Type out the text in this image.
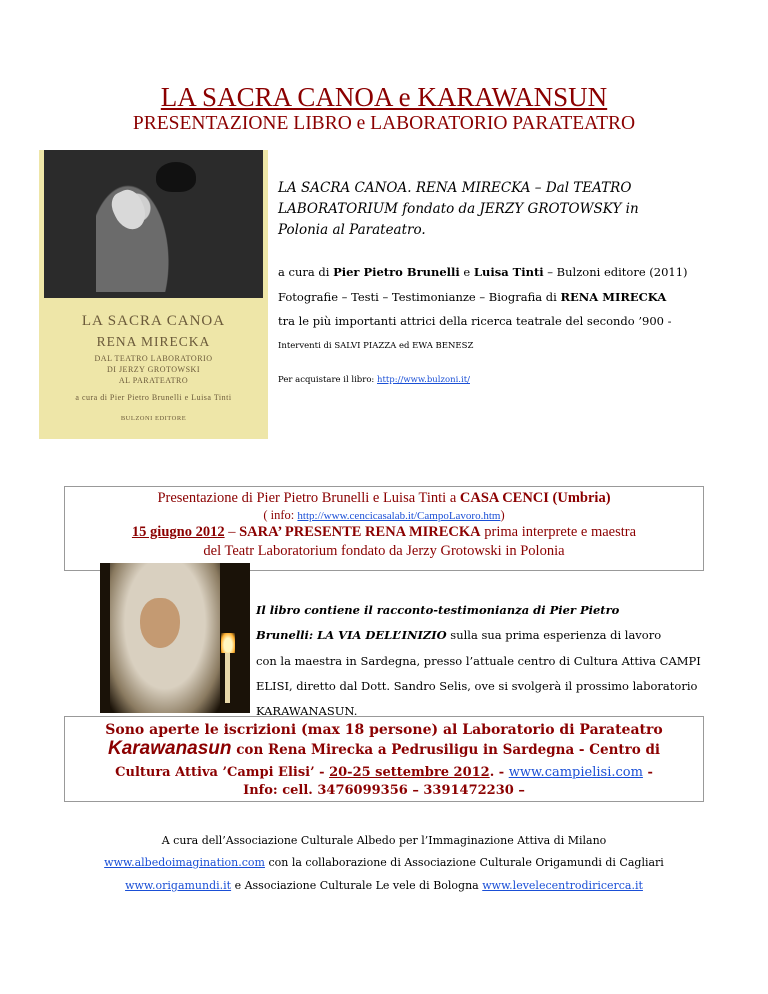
LA SACRA CANOA e KARAWANSUN
PRESENTAZIONE LIBRO e LABORATORIO PARATEATRO
LA SACRA CANOA
RENA MIRECKA
DAL TEATRO LABORATORIO
DI JERZY GROTOWSKI
AL PARATEATRO
a cura di Pier Pietro Brunelli e Luisa Tinti
BULZONI EDITORE
LA SACRA CANOA. RENA MIRECKA – Dal TEATRO
LABORATORIUM fondato da JERZY GROTOWSKY in
Polonia al Parateatro.
a cura di Pier Pietro Brunelli e Luisa Tinti – Bulzoni editore (2011)
Fotografie – Testi – Testimonianze – Biografia di RENA MIRECKA
tra le più importanti attrici della ricerca teatrale del secondo ’900 -
Interventi di SALVI PIAZZA ed EWA BENESZ
Per acquistare il libro: http://www.bulzoni.it/
Presentazione di Pier Pietro Brunelli e Luisa Tinti a CASA CENCI (Umbria)
( info: http://www.cencicasalab.it/CampoLavoro.htm)
15 giugno 2012 – SARA’ PRESENTE RENA MIRECKA prima interprete e maestra
del Teatr Laboratorium fondato da Jerzy Grotowski in Polonia
Il libro contiene il racconto-testimonianza di Pier Pietro
Brunelli: LA VIA DELL’INIZIO sulla sua prima esperienza di lavoro
con la maestra in Sardegna, presso l’attuale centro di Cultura Attiva CAMPI
ELISI, diretto dal Dott. Sandro Selis, ove si svolgerà il prossimo laboratorio
KARAWANASUN.
Sono aperte le iscrizioni (max 18 persone) al Laboratorio di Parateatro
Karawanasun con Rena Mirecka a Pedrusiligu in Sardegna - Centro di
Cultura Attiva ’Campi Elisi’ - 20-25 settembre 2012. - www.campielisi.com -
Info: cell. 3476099356 – 3391472230 –
A cura dell’Associazione Culturale Albedo per l’Immaginazione Attiva di Milano
www.albedoimagination.com con la collaborazione di Associazione Culturale Origamundi di Cagliari
www.origamundi.it e Associazione Culturale Le vele di Bologna www.levelecentrodiricerca.it
